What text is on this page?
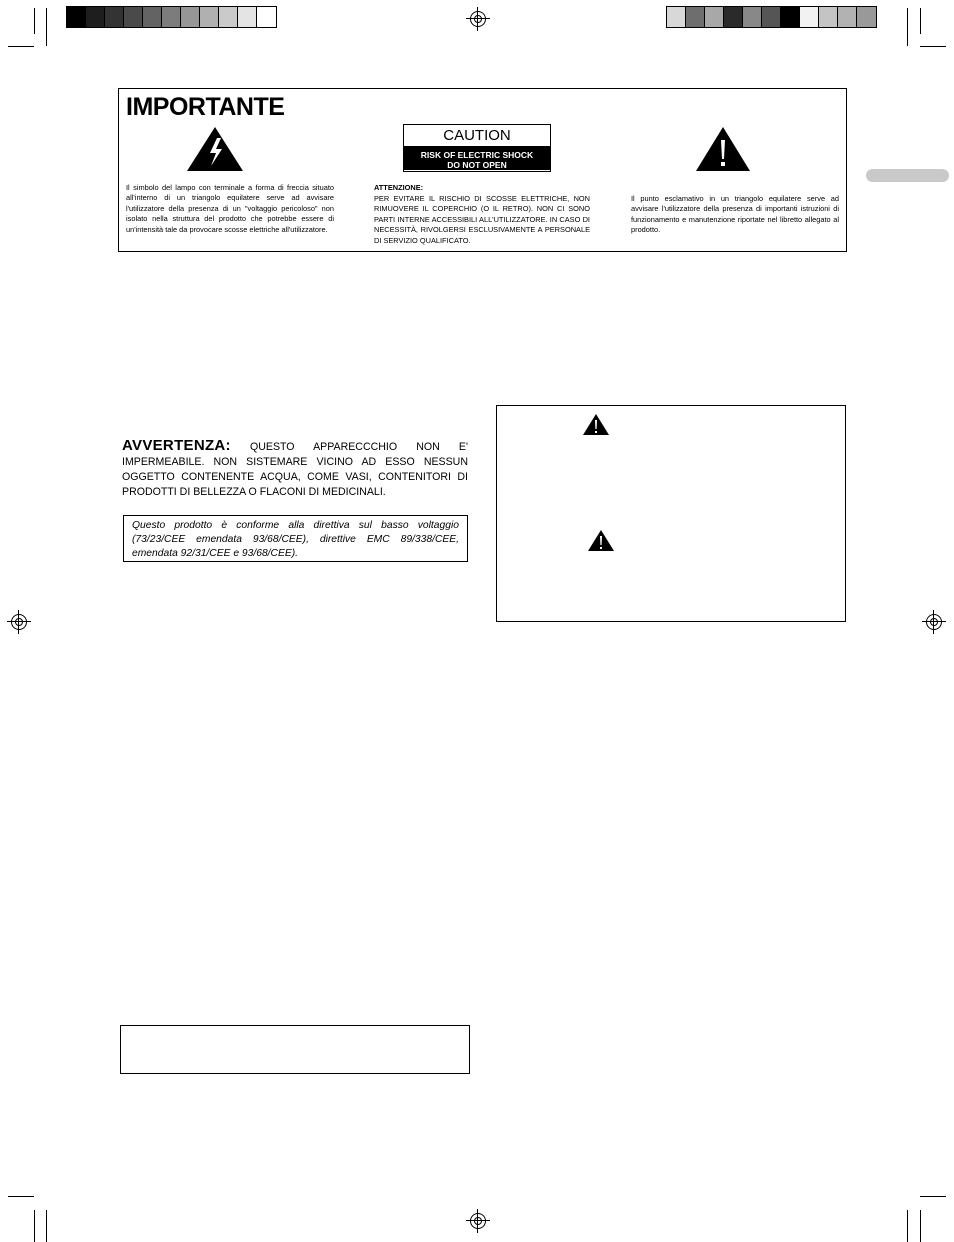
IMPORTANTE
Il simbolo del lampo con terminale a forma di freccia situato all'interno di un triangolo equilatere serve ad avvisare l'utilizzatore della presenza di un "voltaggio pericoloso" non isolato nella struttura del prodotto che potrebbe essere di un'intensità tale da provocare scosse elettriche all'utilizzatore.
CAUTION
RISK OF ELECTRIC SHOCK
DO NOT OPEN
ATTENZIONE:
PER EVITARE IL RISCHIO DI SCOSSE ELETTRICHE, NON RIMUOVERE IL COPERCHIO (O IL RETRO). NON CI SONO PARTI INTERNE ACCESSIBILI ALL'UTILIZZATORE. IN CASO DI NECESSITÀ, RIVOLGERSI ESCLUSIVAMENTE A PERSONALE DI SERVIZIO QUALIFICATO.
Il punto esclamativo in un triangolo equilatere serve ad avvisare l'utilizzatore della presenza di importanti istruzioni di funzionamento e manutenzione riportate nel libretto allegato al prodotto.
AVVERTENZA: QUESTO APPARECCCHIO NON E' IMPERMEABILE. NON SISTEMARE VICINO AD ESSO NESSUN OGGETTO CONTENENTE ACQUA, COME VASI, CONTENITORI DI PRODOTTI DI BELLEZZA O FLACONI DI MEDICINALI.
Questo prodotto è conforme alla direttiva sul basso voltaggio (73/23/CEE emendata 93/68/CEE), direttive EMC 89/338/CEE, emendata 92/31/CEE e 93/68/CEE).
